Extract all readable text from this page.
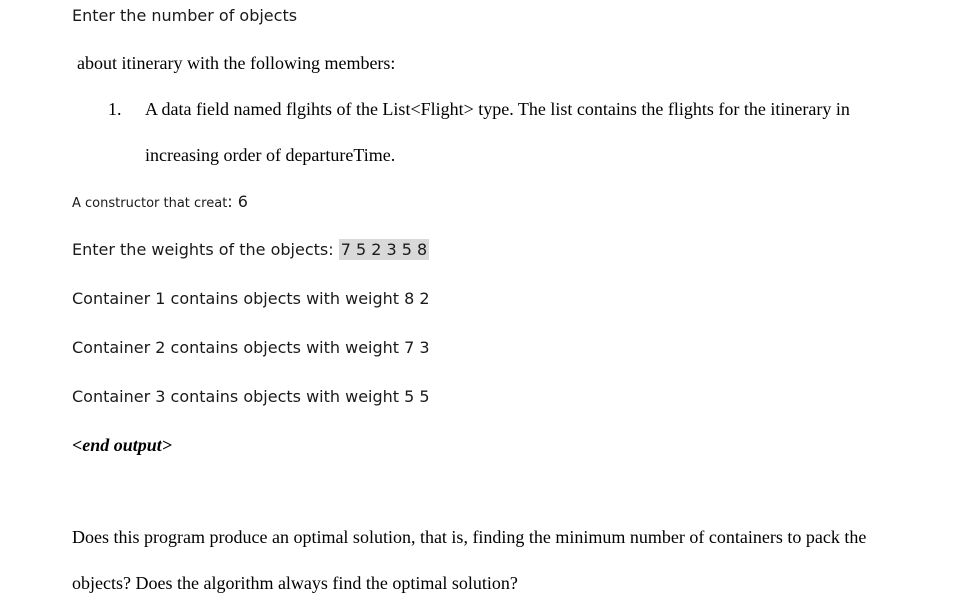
Enter the number of objects
about itinerary with the following members:
1. A data field named flgihts of the List<Flight> type. The list contains the flights for the itinerary in
increasing order of departureTime.
A constructor that creat: 6
Enter the weights of the objects: 7 5 2 3 5 8
Container 1 contains objects with weight 8 2
Container 2 contains objects with weight 7 3
Container 3 contains objects with weight 5 5
<end output>
Does this program produce an optimal solution, that is, finding the minimum number of containers to pack the
objects? Does the algorithm always find the optimal solution?
